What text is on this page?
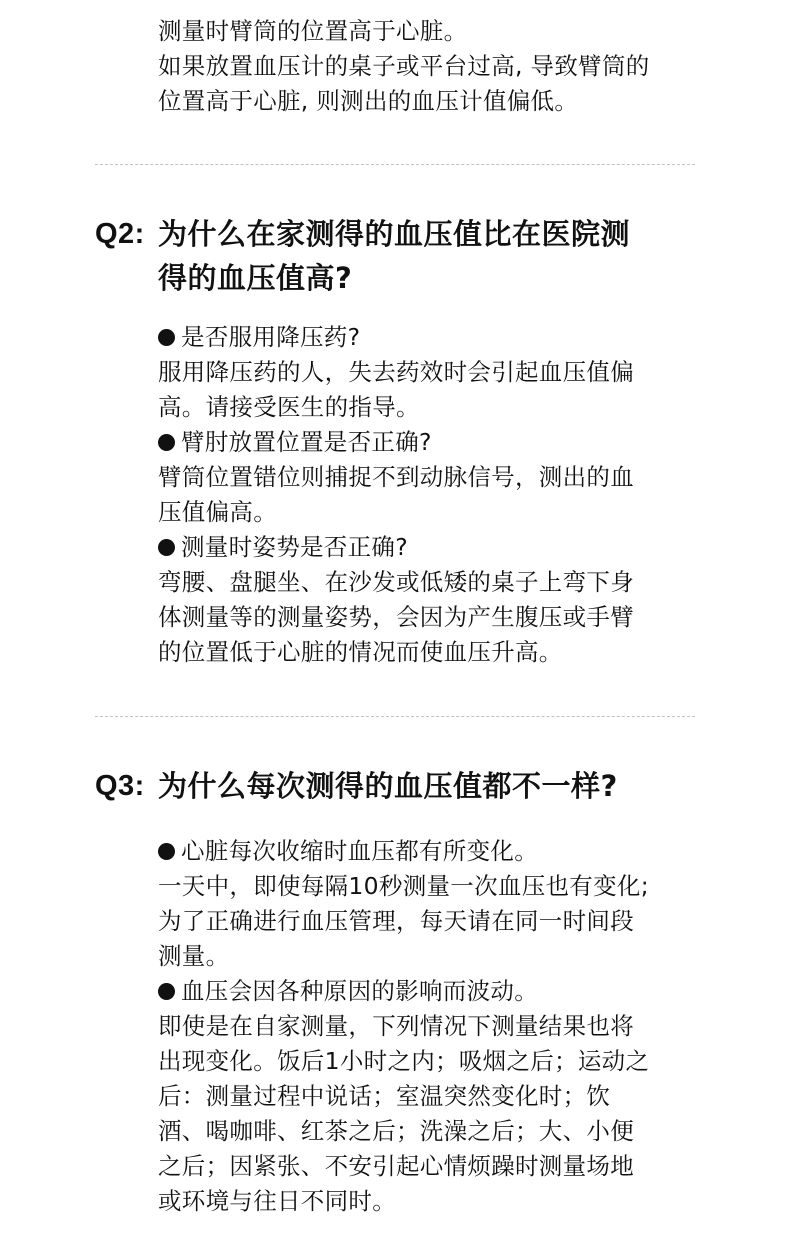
测量时臂筒的位置高于心脏。

如果放置血压计的桌子或平台过高, 导致臂筒的

位置高于心脏, 则测出的血压计值偏低。

Q2: 为什么在家测得的血压值比在医院测
得的血压值高?

是否服用降压药?

服用降压药的人，失去药效时会引起血压值偏

高。请接受医生的指导。

臂肘放置位置是否正确?

臂筒位置错位则捕捉不到动脉信号，测出的血

压值偏高。

测量时姿势是否正确?

弯腰、盘腿坐、在沙发或低矮的桌子上弯下身

体测量等的测量姿势，会因为产生腹压或手臂

的位置低于心脏的情况而使血压升高。

Q3: 为什么每次测得的血压值都不一样?

心脏每次收缩时血压都有所变化。

一天中，即使每隔10秒测量一次血压也有变化;

为了正确进行血压管理，每天请在同一时间段

测量。

血压会因各种原因的影响而波动。

即使是在自家测量，下列情况下测量结果也将

出现变化。饭后1小时之内；吸烟之后；运动之

后：测量过程中说话；室温突然变化时；饮

酒、喝咖啡、红茶之后；洗澡之后；大、小便

之后；因紧张、不安引起心情烦躁时测量场地

或环境与往日不同时。
